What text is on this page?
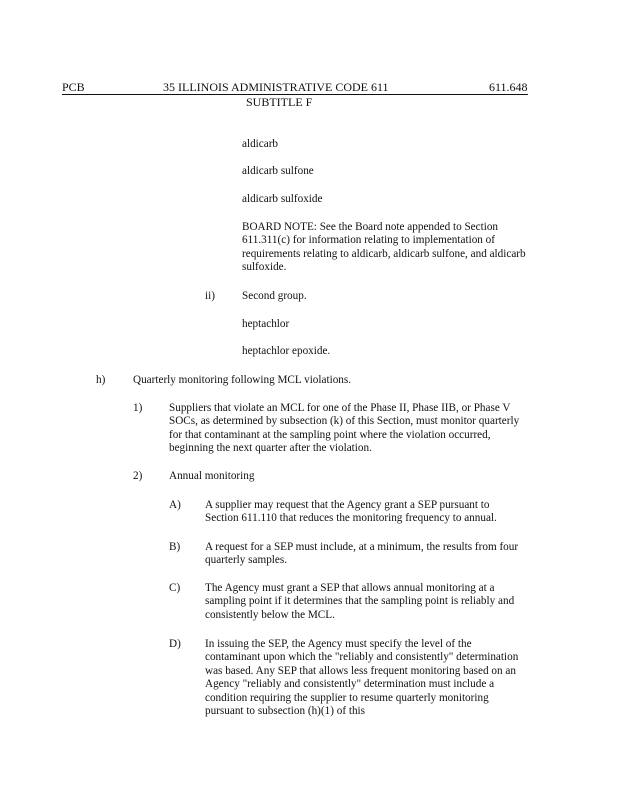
PCB	35 ILLINOIS ADMINISTRATIVE CODE 611	611.648

SUBTITLE F

aldicarb

aldicarb sulfone

aldicarb sulfoxide

BOARD NOTE: See the Board note appended to Section 611.311(c) for information relating to implementation of requirements relating to aldicarb, aldicarb sulfone, and aldicarb sulfoxide.

ii) Second group.

heptachlor

heptachlor epoxide.

h) Quarterly monitoring following MCL violations.

1) Suppliers that violate an MCL for one of the Phase II, Phase IIB, or Phase V SOCs, as determined by subsection (k) of this Section, must monitor quarterly for that contaminant at the sampling point where the violation occurred, beginning the next quarter after the violation.

2) Annual monitoring

A) A supplier may request that the Agency grant a SEP pursuant to Section 611.110 that reduces the monitoring frequency to annual.

B) A request for a SEP must include, at a minimum, the results from four quarterly samples.

C) The Agency must grant a SEP that allows annual monitoring at a sampling point if it determines that the sampling point is reliably and consistently below the MCL.

D) In issuing the SEP, the Agency must specify the level of the contaminant upon which the "reliably and consistently" determination was based. Any SEP that allows less frequent monitoring based on an Agency "reliably and consistently" determination must include a condition requiring the supplier to resume quarterly monitoring pursuant to subsection (h)(1) of this
